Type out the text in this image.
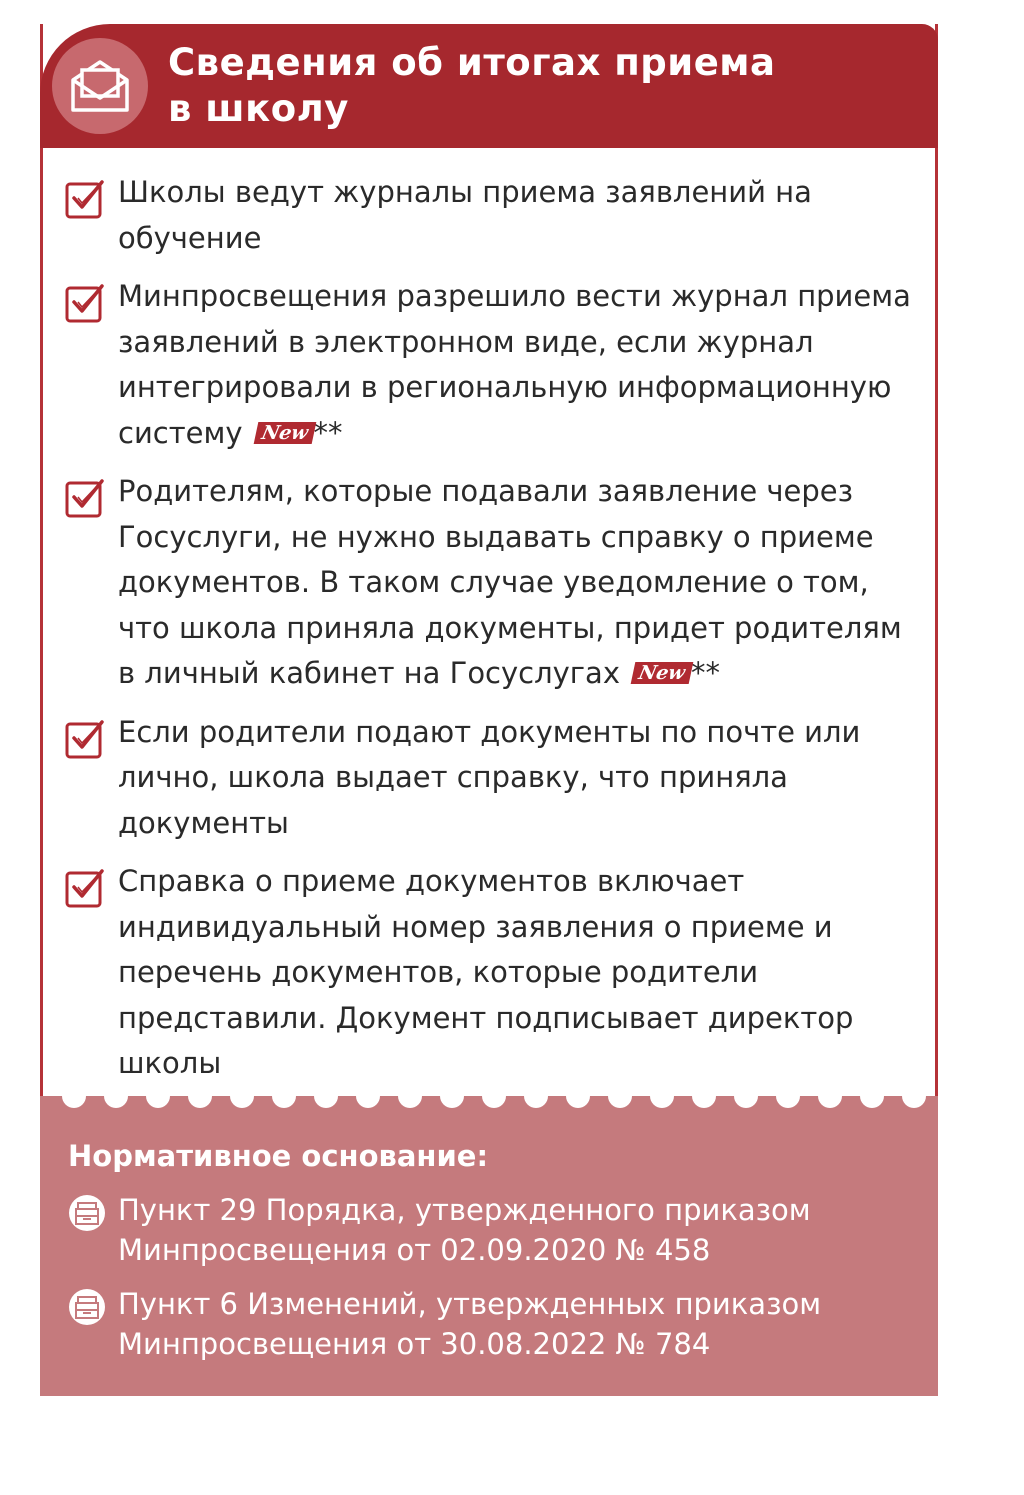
Сведения об итогах приема
в школу
Школы ведут журналы приема заявлений на обучение
Минпросвещения разрешило вести журнал приема заявлений в электронном виде, если журнал интегрировали в региональную информационную систему New **
Родителям, которые подавали заявление через Госуслуги, не нужно выдавать справку о приеме документов. В таком случае уведомление о том, что школа приняла документы, придет родителям в личный кабинет на Госуслугах New **
Если родители подают документы по почте или лично, школа выдает справку, что приняла документы
Справка о приеме документов включает индивидуальный номер заявления о приеме и перечень документов, которые родители представили. Документ подписывает директор школы
Нормативное основание:
Пункт 29 Порядка, утвержденного приказом
Минпросвещения от 02.09.2020 № 458
Пункт 6 Изменений, утвержденных приказом
Минпросвещения от 30.08.2022 № 784
